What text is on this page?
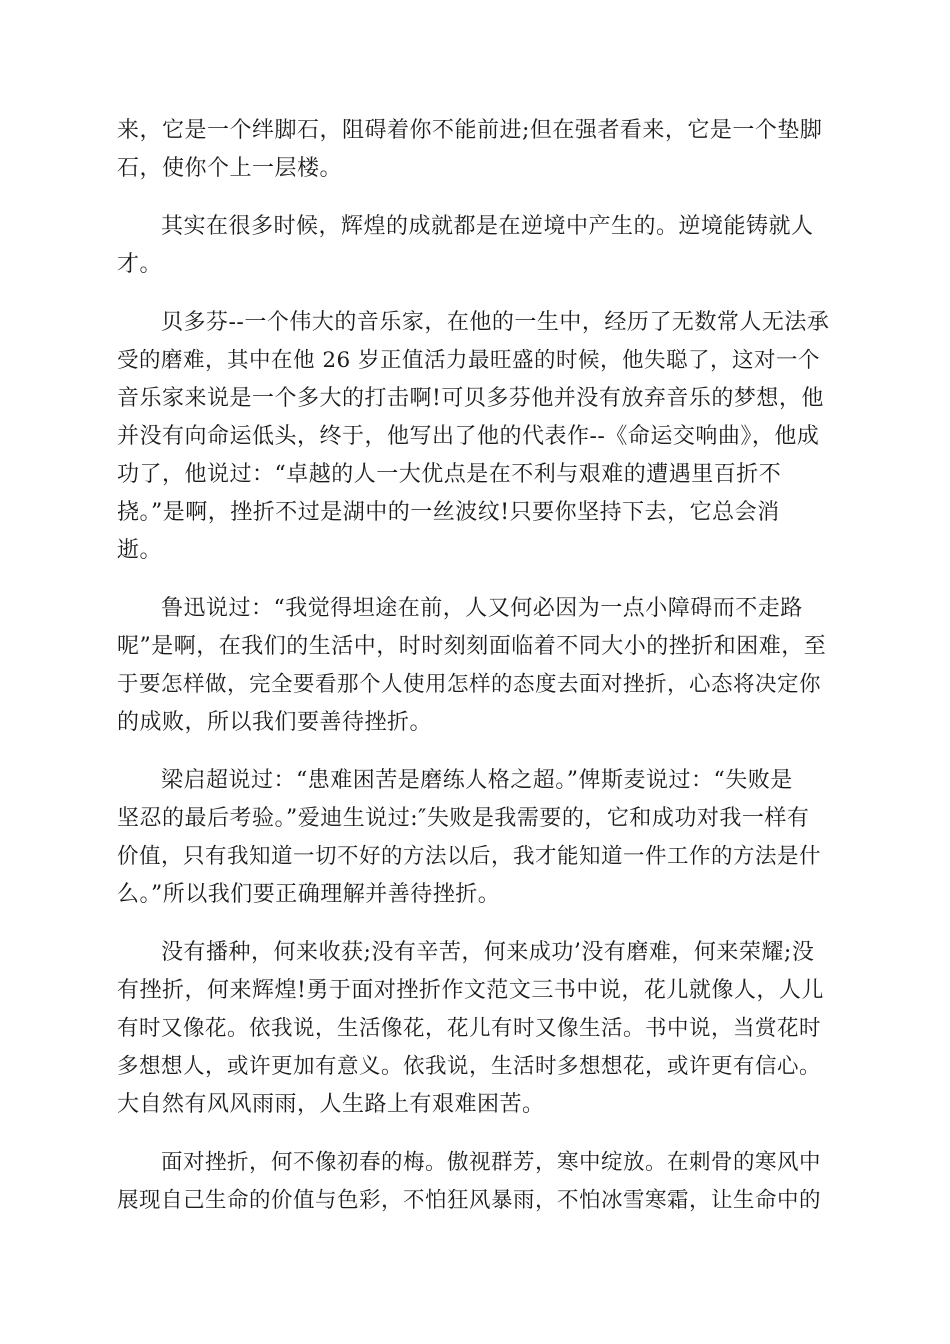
来，它是一个绊脚石，阻碍着你不能前进;但在强者看来，它是一个垫脚
石，使你个上一层楼。
其实在很多时候，辉煌的成就都是在逆境中产生的。逆境能铸就人
才。
贝多芬--一个伟大的音乐家，在他的一生中，经历了无数常人无法承
受的磨难，其中在他 26 岁正值活力最旺盛的时候，他失聪了，这对一个
音乐家来说是一个多大的打击啊!可贝多芬他并没有放弃音乐的梦想，他
并没有向命运低头，终于，他写出了他的代表作--《命运交响曲》，他成
功了，他说过：“卓越的人一大优点是在不利与艰难的遭遇里百折不
挠。”是啊，挫折不过是湖中的一丝波纹!只要你坚持下去，它总会消
逝。
鲁迅说过：“我觉得坦途在前，人又何必因为一点小障碍而不走路
呢”是啊，在我们的生活中，时时刻刻面临着不同大小的挫折和困难，至
于要怎样做，完全要看那个人使用怎样的态度去面对挫折，心态将决定你
的成败，所以我们要善待挫折。
梁启超说过：“患难困苦是磨练人格之超。”俾斯麦说过：“失败是
坚忍的最后考验。”爱迪生说过:″失败是我需要的，它和成功对我一样有
价值，只有我知道一切不好的方法以后，我才能知道一件工作的方法是什
么。”所以我们要正确理解并善待挫折。
没有播种，何来收获;没有辛苦，何来成功’没有磨难，何来荣耀;没
有挫折，何来辉煌!勇于面对挫折作文范文三书中说，花儿就像人，人儿
有时又像花。依我说，生活像花，花儿有时又像生活。书中说，当赏花时
多想想人，或许更加有意义。依我说，生活时多想想花，或许更有信心。
大自然有风风雨雨，人生路上有艰难困苦。
面对挫折，何不像初春的梅。傲视群芳，寒中绽放。在刺骨的寒风中
展现自己生命的价值与色彩，不怕狂风暴雨，不怕冰雪寒霜，让生命中的
